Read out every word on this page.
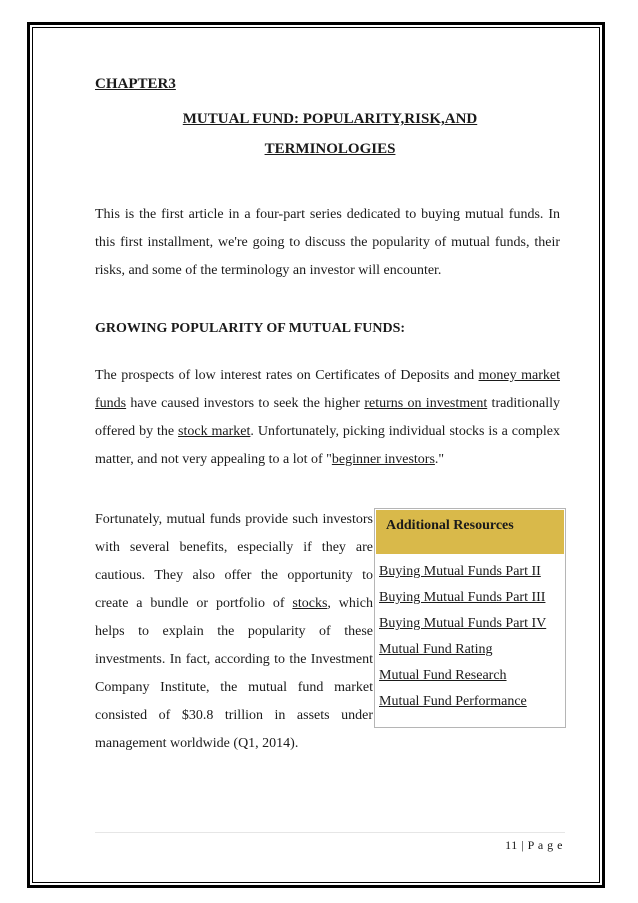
CHAPTER3
MUTUAL FUND: POPULARITY,RISK,AND
TERMINOLOGIES
This is the first article in a four-part series dedicated to buying mutual funds. In this first installment, we're going to discuss the popularity of mutual funds, their risks, and some of the terminology an investor will encounter.
GROWING POPULARITY OF MUTUAL FUNDS:
The prospects of low interest rates on Certificates of Deposits and money market funds have caused investors to seek the higher returns on investment traditionally offered by the stock market. Unfortunately, picking individual stocks is a complex matter, and not very appealing to a lot of "beginner investors."
Fortunately, mutual funds provide such investors with several benefits, especially if they are cautious. They also offer the opportunity to create a bundle or portfolio of stocks, which helps to explain the popularity of these investments. In fact, according to the Investment Company Institute, the mutual fund market consisted of $30.8 trillion in assets under management worldwide (Q1, 2014).
Additional Resources
Buying Mutual Funds Part II
Buying Mutual Funds Part III
Buying Mutual Funds Part IV
Mutual Fund Rating
Mutual Fund Research
Mutual Fund Performance
11 | P a g e
